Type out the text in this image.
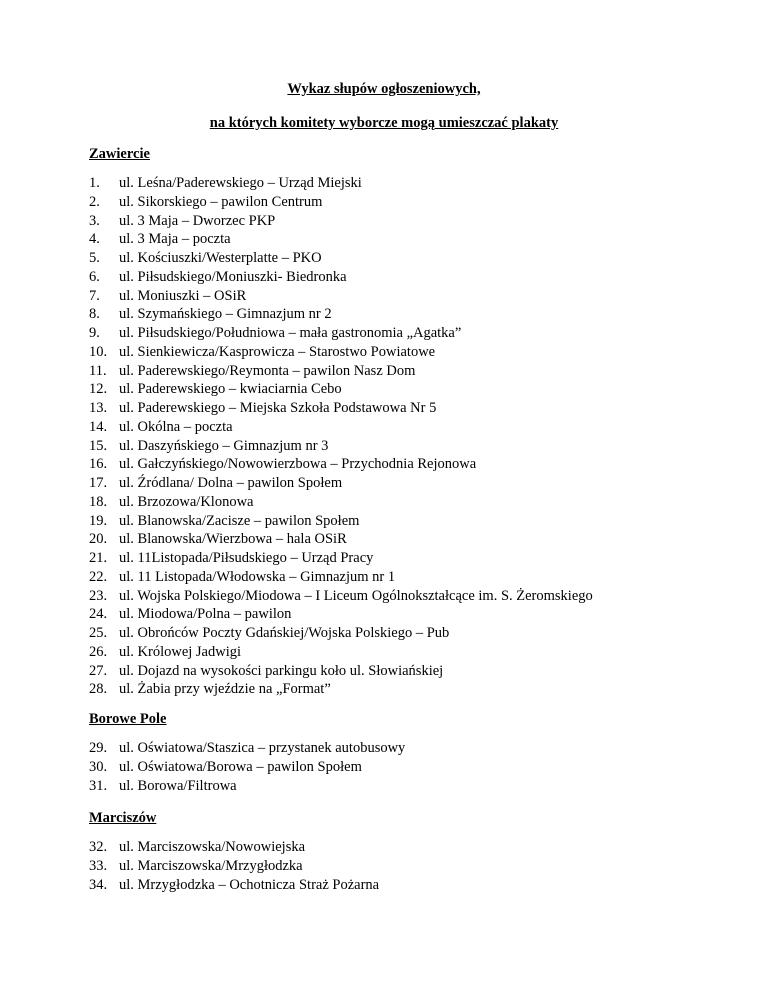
Wykaz słupów ogłoszeniowych,
na których komitety wyborcze mogą umieszczać plakaty
Zawiercie
1. ul. Leśna/Paderewskiego – Urząd Miejski
2. ul. Sikorskiego – pawilon Centrum
3. ul. 3 Maja – Dworzec PKP
4. ul. 3 Maja – poczta
5. ul. Kościuszki/Westerplatte – PKO
6. ul. Piłsudskiego/Moniuszki- Biedronka
7. ul. Moniuszki – OSiR
8. ul. Szymańskiego – Gimnazjum nr 2
9. ul. Piłsudskiego/Południowa – mała gastronomia „Agatka”
10. ul. Sienkiewicza/Kasprowicza – Starostwo Powiatowe
11. ul. Paderewskiego/Reymonta – pawilon Nasz Dom
12. ul. Paderewskiego – kwiaciarnia Cebo
13. ul. Paderewskiego – Miejska Szkoła Podstawowa Nr 5
14. ul. Okólna – poczta
15. ul. Daszyńskiego – Gimnazjum nr 3
16. ul. Gałczyńskiego/Nowowierzbowa – Przychodnia Rejonowa
17. ul. Źródlana/ Dolna – pawilon Społem
18. ul. Brzozowa/Klonowa
19. ul. Blanowska/Zacisze – pawilon Społem
20. ul. Blanowska/Wierzbowa – hala OSiR
21. ul. 11Listopada/Piłsudskiego – Urząd Pracy
22. ul. 11 Listopada/Włodowska – Gimnazjum nr 1
23. ul. Wojska Polskiego/Miodowa – I Liceum Ogólnokształcące im. S. Żeromskiego
24. ul. Miodowa/Polna – pawilon
25. ul. Obrońców Poczty Gdańskiej/Wojska Polskiego – Pub
26. ul. Królowej Jadwigi
27. ul. Dojazd na wysokości parkingu koło ul. Słowiańskiej
28. ul. Żabia przy wjeździe na „Format”
Borowe Pole
29. ul. Oświatowa/Staszica – przystanek autobusowy
30. ul. Oświatowa/Borowa – pawilon Społem
31. ul. Borowa/Filtrowa
Marciszów
32. ul. Marciszowska/Nowowiejska
33. ul. Marciszowska/Mrzygłodzka
34. ul. Mrzygłodzka – Ochotnicza Straż Pożarna
